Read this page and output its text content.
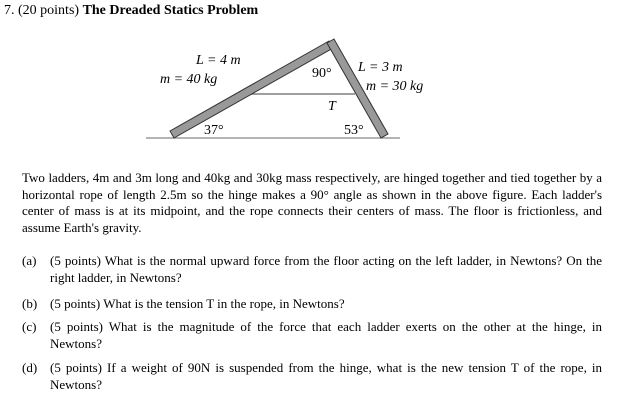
7. (20 points) The Dreaded Statics Problem
L = 4 m
m = 40 kg
L = 3 m
m = 30 kg
90°
37°	53°
T
Two ladders, 4m and 3m long and 40kg and 30kg mass respectively, are hinged together and tied together by a horizontal rope of length 2.5m so the hinge makes a 90° angle as shown in the above figure. Each ladder's center of mass is at its midpoint, and the rope connects their centers of mass. The floor is frictionless, and assume Earth's gravity.
(a) (5 points) What is the normal upward force from the floor acting on the left ladder, in Newtons? On the right ladder, in Newtons?
(b) (5 points) What is the tension T in the rope, in Newtons?
(c) (5 points) What is the magnitude of the force that each ladder exerts on the other at the hinge, in Newtons?
(d) (5 points) If a weight of 90N is suspended from the hinge, what is the new tension T of the rope, in Newtons?
